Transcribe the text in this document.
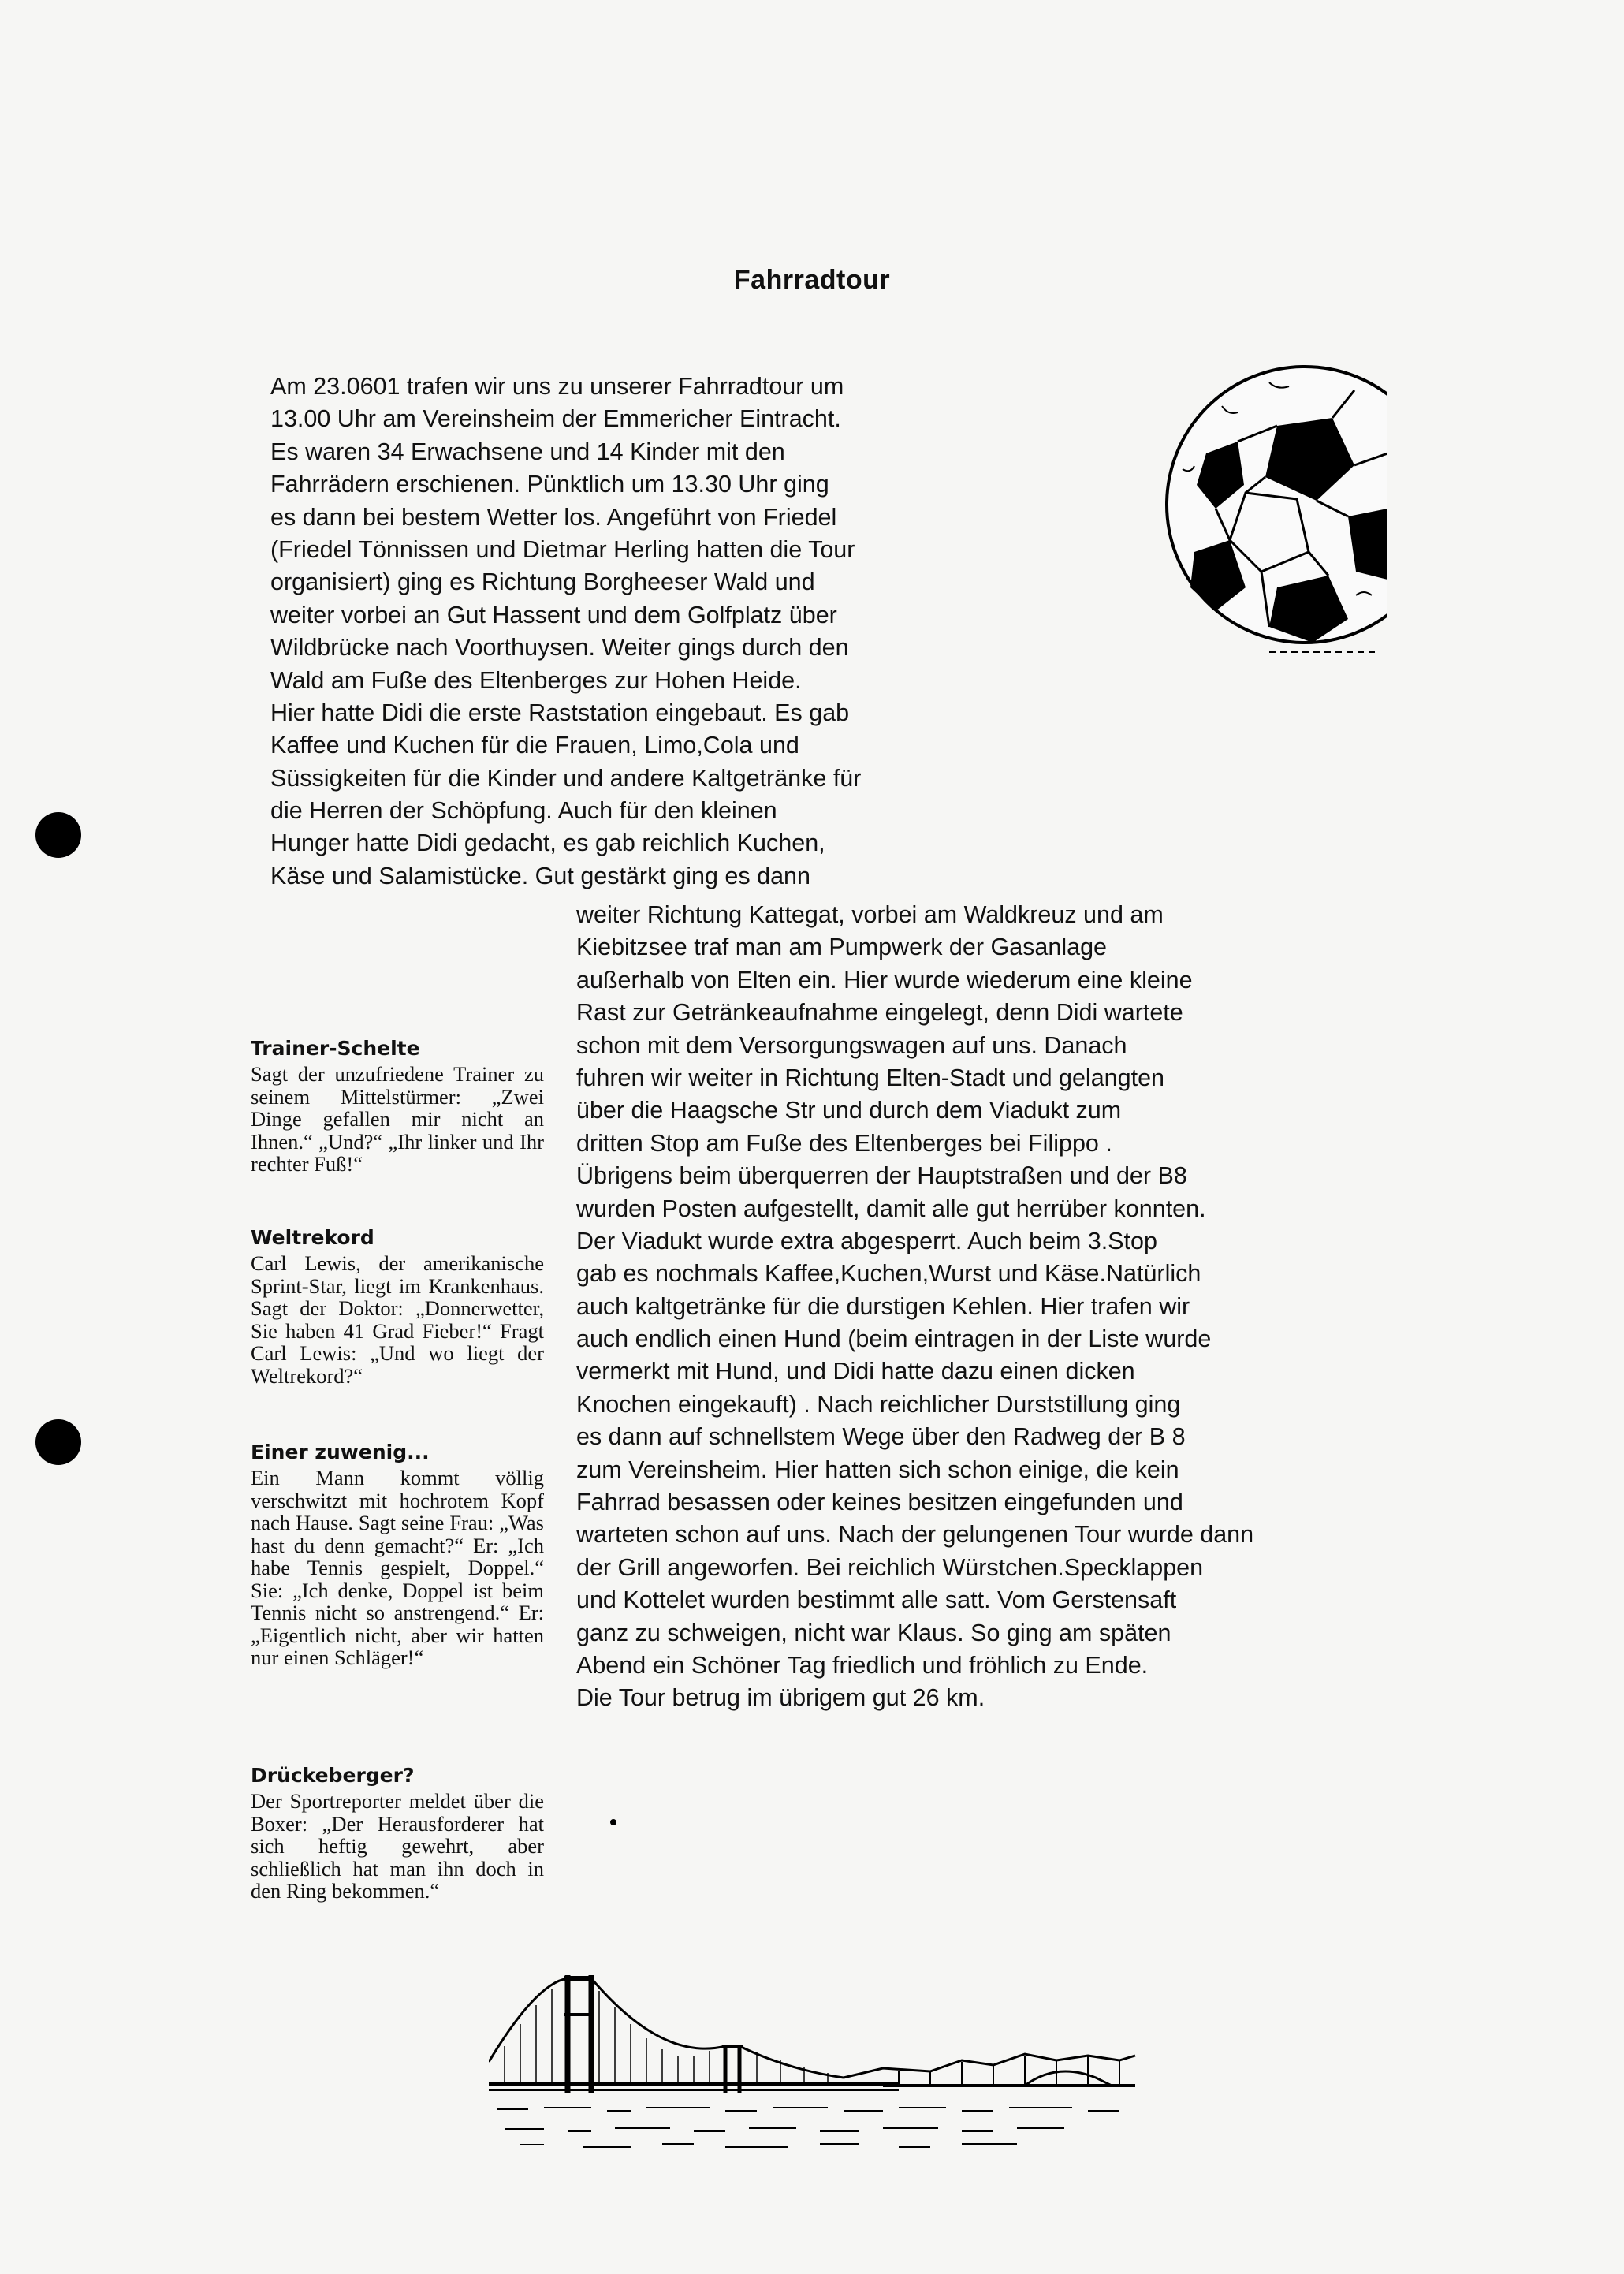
Fahrradtour
Am 23.0601 trafen wir uns zu unserer Fahrradtour um
13.00 Uhr am Vereinsheim der Emmericher Eintracht.
Es waren 34 Erwachsene und 14 Kinder mit den
Fahrrädern erschienen. Pünktlich um 13.30 Uhr ging
es dann bei bestem Wetter los. Angeführt von Friedel
(Friedel Tönnissen und Dietmar Herling hatten die Tour
organisiert) ging es Richtung Borgheeser Wald und
weiter vorbei an Gut Hassent und dem Golfplatz über
Wildbrücke nach Voorthuysen. Weiter gings durch den
Wald am Fuße des Eltenberges zur Hohen Heide.
Hier hatte Didi die erste Raststation eingebaut. Es gab
Kaffee und Kuchen für die Frauen, Limo,Cola und
Süssigkeiten für die Kinder und andere Kaltgetränke für
die Herren der Schöpfung. Auch für den kleinen
Hunger hatte Didi gedacht, es gab reichlich Kuchen,
Käse und Salamistücke. Gut gestärkt ging es dann
weiter Richtung Kattegat, vorbei am Waldkreuz und am
Kiebitzsee traf man am Pumpwerk der Gasanlage
außerhalb von Elten ein. Hier wurde wiederum eine kleine
Rast zur Getränkeaufnahme eingelegt, denn Didi wartete
schon mit dem Versorgungswagen auf uns. Danach
fuhren wir weiter in Richtung Elten-Stadt und gelangten
über die Haagsche Str und durch dem Viadukt zum
dritten Stop am Fuße des Eltenberges bei Filippo .
Übrigens beim überquerren der Hauptstraßen und der B8
wurden Posten aufgestellt, damit alle gut herrüber konnten.
Der Viadukt wurde extra abgesperrt. Auch beim 3.Stop
gab es nochmals Kaffee,Kuchen,Wurst und Käse.Natürlich
auch kaltgetränke für die durstigen Kehlen. Hier trafen wir
auch endlich einen Hund (beim eintragen in der Liste wurde
vermerkt mit Hund, und Didi hatte dazu einen dicken
Knochen eingekauft) . Nach reichlicher Durststillung ging
es dann auf schnellstem Wege über den Radweg der B 8
zum Vereinsheim. Hier hatten sich schon einige, die kein
Fahrrad besassen oder keines besitzen eingefunden und
warteten schon auf uns. Nach der gelungenen Tour wurde dann
der Grill angeworfen. Bei reichlich Würstchen.Specklappen
und Kottelet wurden bestimmt alle satt. Vom Gerstensaft
ganz zu schweigen, nicht war Klaus. So ging am späten
Abend ein Schöner Tag friedlich und fröhlich zu Ende.
Die Tour betrug im übrigem gut 26 km.
Trainer-Schelte

Sagt der unzufriedene Trainer zu seinem Mittelstürmer: „Zwei Dinge gefallen mir nicht an Ihnen.“ „Und?“ „Ihr linker und Ihr rechter Fuß!“

Weltrekord

Carl Lewis, der amerikanische Sprint-Star, liegt im Krankenhaus. Sagt der Doktor: „Donnerwetter, Sie haben 41 Grad Fieber!“ Fragt Carl Lewis: „Und wo liegt der Weltrekord?“

Einer zuwenig...

Ein Mann kommt völlig verschwitzt mit hochrotem Kopf nach Hause. Sagt seine Frau: „Was hast du denn gemacht?“ Er: „Ich habe Tennis gespielt, Doppel.“ Sie: „Ich denke, Doppel ist beim Tennis nicht so anstrengend.“ Er: „Eigentlich nicht, aber wir hatten nur einen Schläger!“

Drückeberger?

Der Sportreporter meldet über die Boxer: „Der Herausforderer hat sich heftig gewehrt, aber schließlich hat man ihn doch in den Ring bekommen.“
